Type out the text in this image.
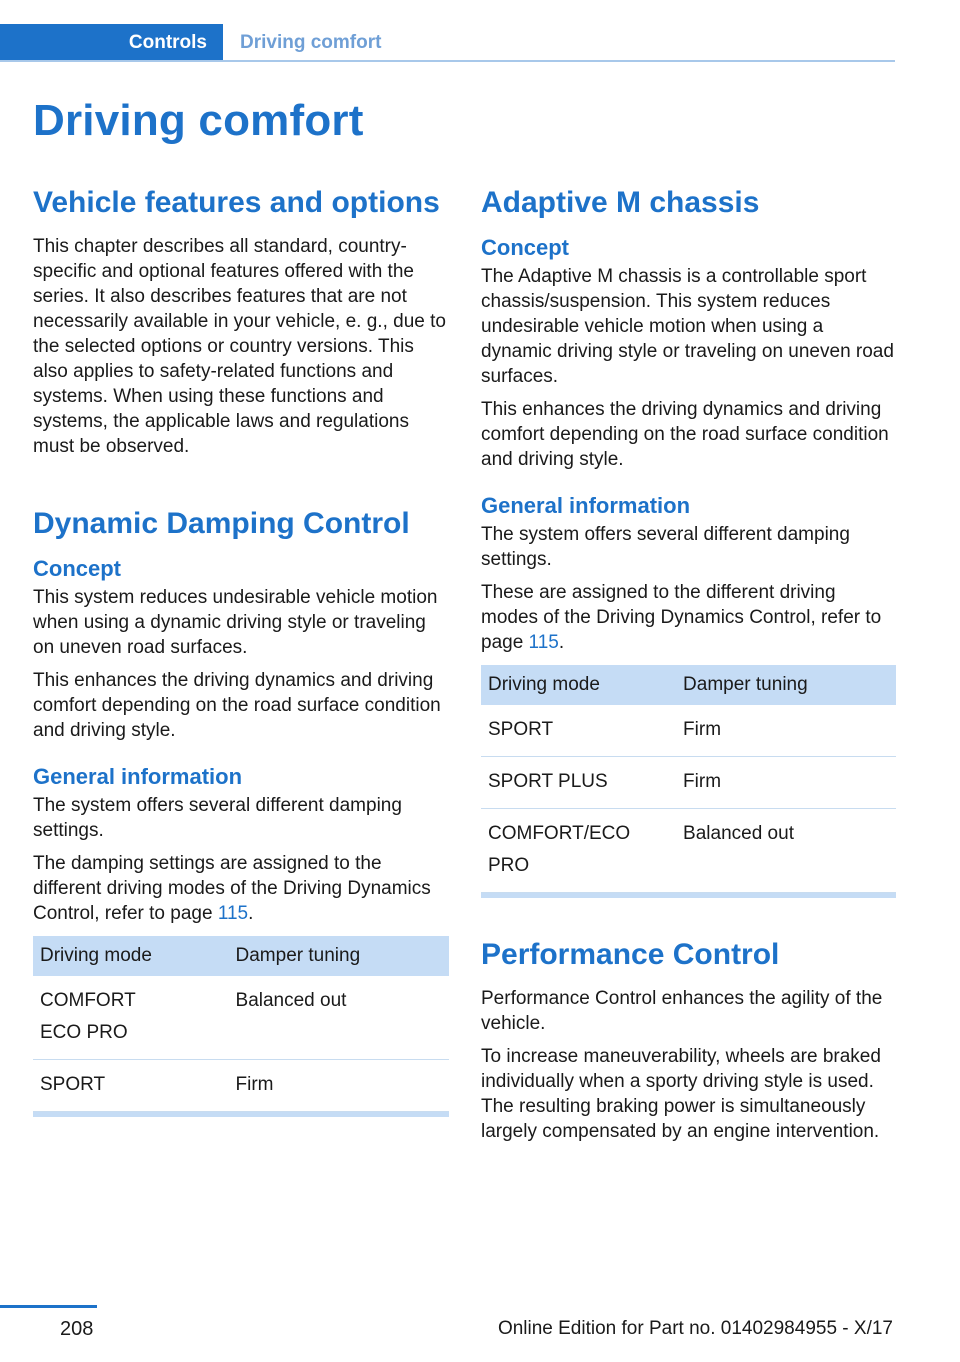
Controls	Driving comfort
Driving comfort
Vehicle features and options

This chapter describes all standard, country-specific and optional features offered with the series. It also describes features that are not necessarily available in your vehicle, e. g., due to the selected options or country versions. This also applies to safety-related functions and systems. When using these functions and systems, the applicable laws and regulations must be observed.

Dynamic Damping Control
Concept

This system reduces undesirable vehicle motion when using a dynamic driving style or traveling on uneven road surfaces.

This enhances the driving dynamics and driving comfort depending on the road surface condition and driving style.

General information

The system offers several different damping settings.

The damping settings are assigned to the different driving modes of the Driving Dynamics Control, refer to page 115.

Driving mode	Damper tuning

COMFORT
ECO PRO	Balanced out
SPORT	Firm
Adaptive M chassis
Concept

The Adaptive M chassis is a controllable sport chassis/suspension. This system reduces undesirable vehicle motion when using a dynamic driving style or traveling on uneven road surfaces.

This enhances the driving dynamics and driving comfort depending on the road surface condition and driving style.

General information

The system offers several different damping settings.

These are assigned to the different driving modes of the Driving Dynamics Control, refer to page 115.

Driving mode	Damper tuning
SPORT	Firm
SPORT PLUS	Firm
COMFORT/ECO PRO	Balanced out
Performance Control

Performance Control enhances the agility of the vehicle.

To increase maneuverability, wheels are braked individually when a sporty driving style is used. The resulting braking power is simultaneously largely compensated by an engine intervention.

208	Online Edition for Part no. 01402984955 - X/17
